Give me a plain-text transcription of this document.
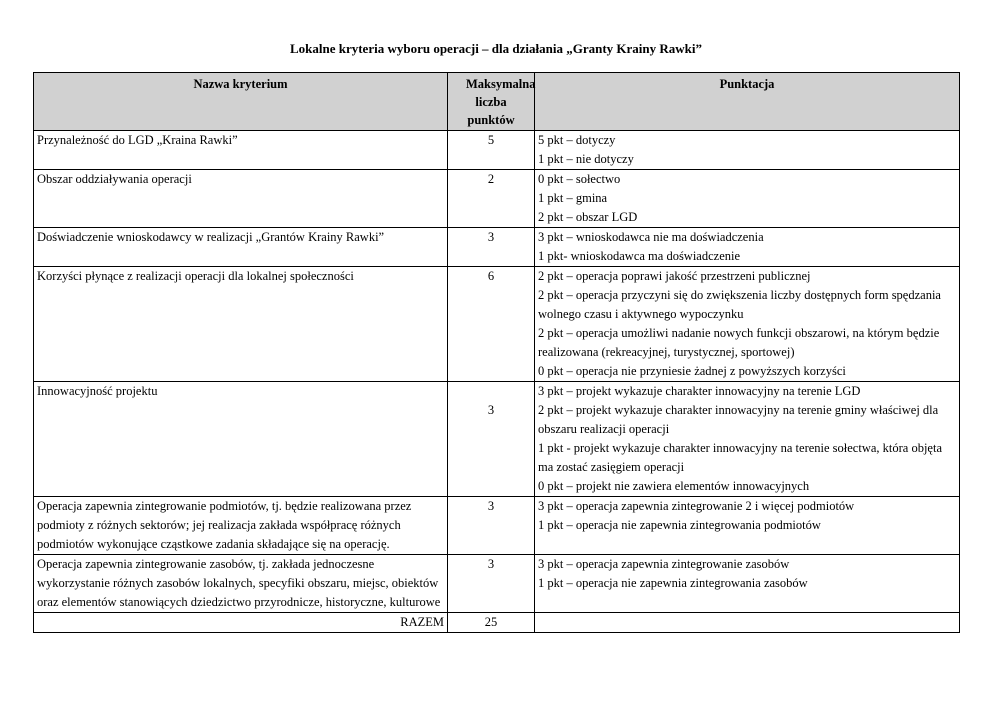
Lokalne kryteria wyboru operacji – dla działania „Granty Krainy Rawki”
Nazwa kryterium	Maksymalna liczba punktów	Punktacja
Przynależność do LGD „Kraina Rawki”	5	5 pkt – dotyczy
1 pkt – nie dotyczy

Obszar oddziaływania operacji	2	0 pkt – sołectwo
1 pkt – gmina
2 pkt – obszar LGD

Doświadczenie wnioskodawcy w realizacji „Grantów Krainy Rawki”	3	3 pkt – wnioskodawca nie ma doświadczenia
1 pkt- wnioskodawca ma doświadczenie

Korzyści płynące z realizacji operacji dla lokalnej społeczności	6	2 pkt – operacja poprawi jakość przestrzeni publicznej
2 pkt – operacja przyczyni się do zwiększenia liczby dostępnych form spędzania wolnego czasu i aktywnego wypoczynku
2 pkt – operacja umożliwi nadanie nowych funkcji obszarowi, na którym będzie realizowana (rekreacyjnej, turystycznej, sportowej)
0 pkt – operacja nie przyniesie żadnej z powyższych korzyści

Innowacyjność projektu	3	3 pkt – projekt wykazuje charakter innowacyjny na terenie LGD
2 pkt – projekt wykazuje charakter innowacyjny na terenie gminy właściwej dla obszaru realizacji operacji
1 pkt - projekt wykazuje charakter innowacyjny na terenie sołectwa, która objęta ma zostać zasięgiem operacji
0 pkt – projekt nie zawiera elementów innowacyjnych

Operacja zapewnia zintegrowanie podmiotów, tj. będzie realizowana przez podmioty z różnych sektorów; jej realizacja zakłada współpracę różnych podmiotów wykonujące cząstkowe zadania składające się na operację.	3	3 pkt – operacja zapewnia zintegrowanie 2 i więcej podmiotów
1 pkt – operacja nie zapewnia zintegrowania podmiotów

Operacja zapewnia zintegrowanie zasobów, tj. zakłada jednoczesne wykorzystanie różnych zasobów lokalnych, specyfiki obszaru, miejsc, obiektów oraz elementów stanowiących dziedzictwo przyrodnicze, historyczne, kulturowe	3	3 pkt – operacja zapewnia zintegrowanie zasobów
1 pkt – operacja nie zapewnia zintegrowania zasobów

RAZEM	25	
